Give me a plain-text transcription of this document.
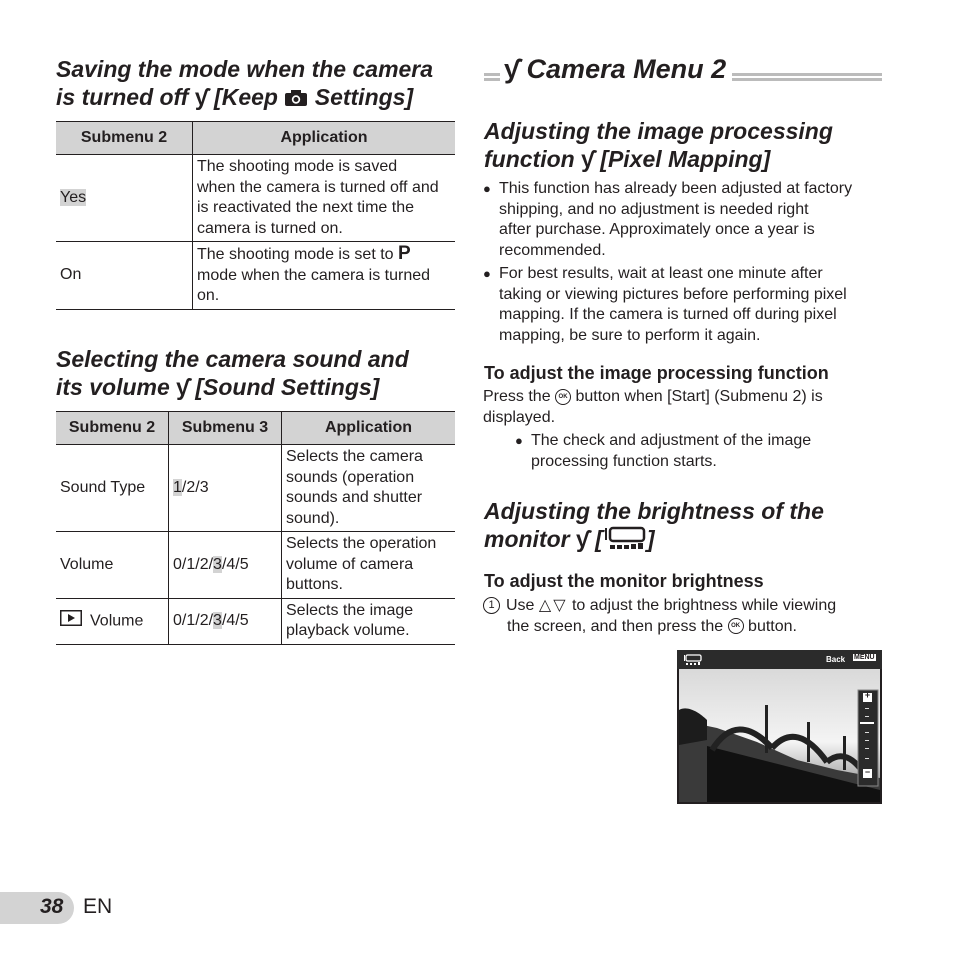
Saving the mode when the camera
is turned off ƴ [Keep  Settings]
Submenu 2	Application
Yes	The shooting mode is saved
when the camera is turned off and
is reactivated the next time the
camera is turned on.

On	The shooting mode is set to P
mode when the camera is turned
on.
Selecting the camera sound and
its volume ƴ [Sound Settings]
Submenu 2	Submenu 3	Application
Sound Type	1/2/3	Selects the camera
sounds (operation
sounds and shutter
sound).

Volume	0/1/2/3/4/5	Selects the operation
volume of camera
buttons.

Volume	0/1/2/3/4/5	Selects the image
playback volume.
ƴ Camera Menu 2
Adjusting the image processing
function ƴ [Pixel Mapping]
● This function has already been adjusted at factory
shipping, and no adjustment is needed right
after purchase. Approximately once a year is
recommended.
● For best results, wait at least one minute after
taking or viewing pictures before performing pixel
mapping. If the camera is turned off during pixel
mapping, be sure to perform it again.
To adjust the image processing function
Press the OK button when [Start] (Submenu 2) is
displayed.
● The check and adjustment of the image
processing function starts.
Adjusting the brightness of the
monitor ƴ [ ]
To adjust the monitor brightness
1 Use △▽ to adjust the brightness while viewing
the screen, and then press the OK button.
Back MENU
+
−
38 EN
